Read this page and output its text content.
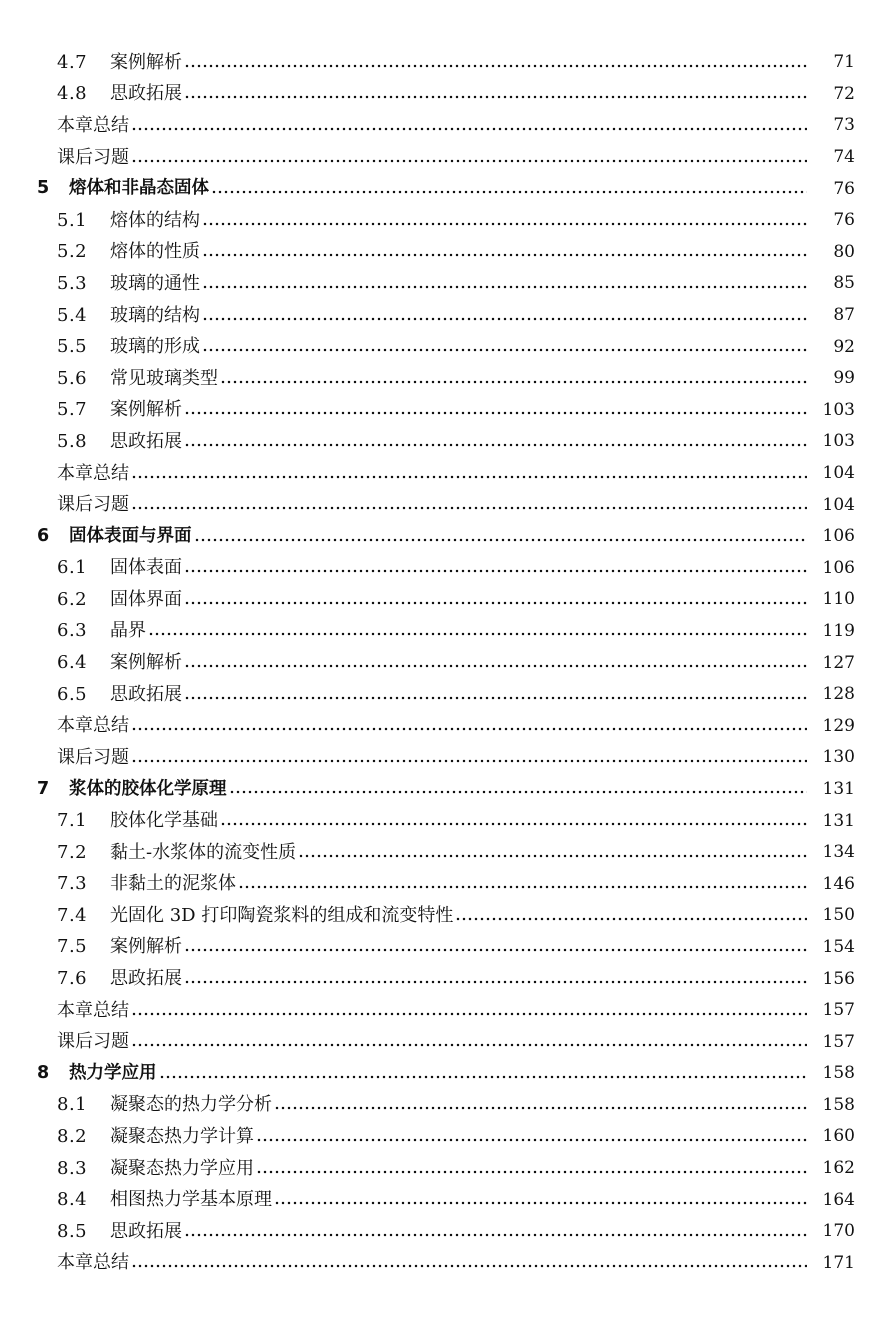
4.7	案例解析	71
4.8	思政拓展	72
本章总结	73
课后习题	74
5	熔体和非晶态固体	76
5.1	熔体的结构	76
5.2	熔体的性质	80
5.3	玻璃的通性	85
5.4	玻璃的结构	87
5.5	玻璃的形成	92
5.6	常见玻璃类型	99
5.7	案例解析	103
5.8	思政拓展	103
本章总结	104
课后习题	104
6	固体表面与界面	106
6.1	固体表面	106
6.2	固体界面	110
6.3	晶界	119
6.4	案例解析	127
6.5	思政拓展	128
本章总结	129
课后习题	130
7	浆体的胶体化学原理	131
7.1	胶体化学基础	131
7.2	黏土-水浆体的流变性质	134
7.3	非黏土的泥浆体	146
7.4	光固化 3D 打印陶瓷浆料的组成和流变特性	150
7.5	案例解析	154
7.6	思政拓展	156
本章总结	157
课后习题	157
8	热力学应用	158
8.1	凝聚态的热力学分析	158
8.2	凝聚态热力学计算	160
8.3	凝聚态热力学应用	162
8.4	相图热力学基本原理	164
8.5	思政拓展	170
本章总结	171
